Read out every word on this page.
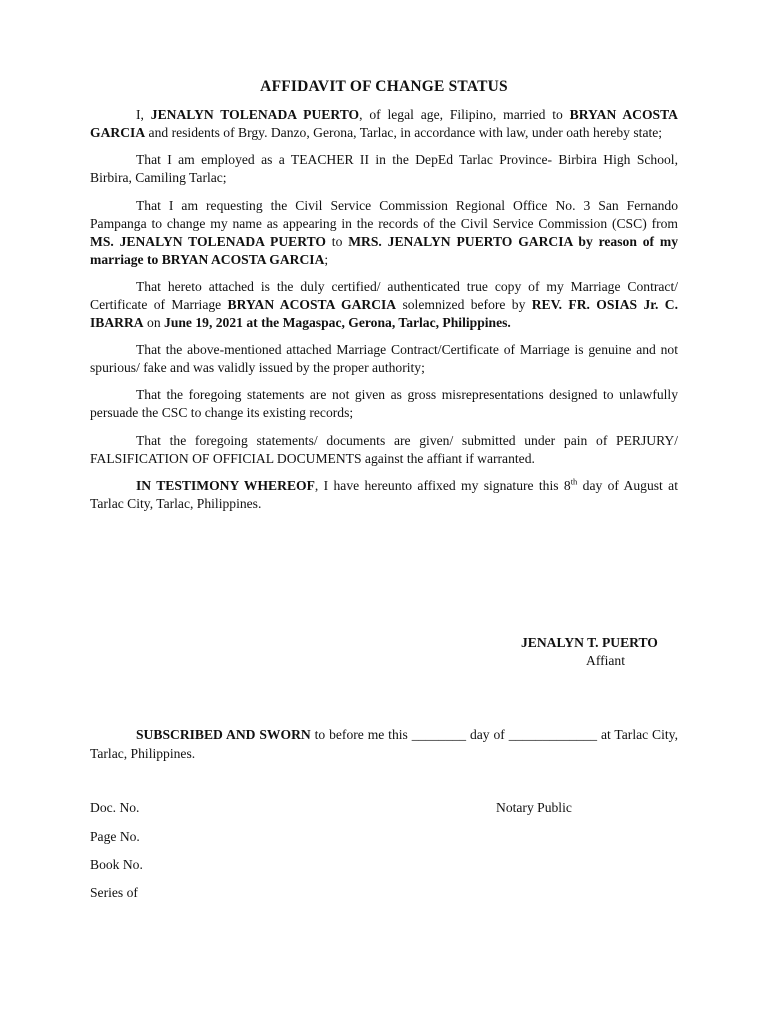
AFFIDAVIT OF CHANGE STATUS

I, JENALYN TOLENADA PUERTO, of legal age, Filipino, married to BRYAN ACOSTA GARCIA and residents of Brgy. Danzo, Gerona, Tarlac, in accordance with law, under oath hereby state;

That I am employed as a TEACHER II in the DepEd Tarlac Province- Birbira High School, Birbira, Camiling Tarlac;

That I am requesting the Civil Service Commission Regional Office No. 3 San Fernando Pampanga to change my name as appearing in the records of the Civil Service Commission (CSC) from MS. JENALYN TOLENADA PUERTO to MRS. JENALYN PUERTO GARCIA by reason of my marriage to BRYAN ACOSTA GARCIA;

That hereto attached is the duly certified/ authenticated true copy of my Marriage Contract/ Certificate of Marriage BRYAN ACOSTA GARCIA solemnized before by REV. FR. OSIAS Jr. C. IBARRA on June 19, 2021 at the Magaspac, Gerona, Tarlac, Philippines.

That the above-mentioned attached Marriage Contract/Certificate of Marriage is genuine and not spurious/ fake and was validly issued by the proper authority;

That the foregoing statements are not given as gross misrepresentations designed to unlawfully persuade the CSC to change its existing records;

That the foregoing statements/ documents are given/ submitted under pain of PERJURY/ FALSIFICATION OF OFFICIAL DOCUMENTS against the affiant if warranted.

IN TESTIMONY WHEREOF, I have hereunto affixed my signature this 8th day of August at Tarlac City, Tarlac, Philippines.

JENALYN T. PUERTO
Affiant

SUBSCRIBED AND SWORN to before me this ________ day of _____________ at Tarlac City, Tarlac, Philippines.

Doc. No.
Page No.
Book No.
Series of
Notary Public
